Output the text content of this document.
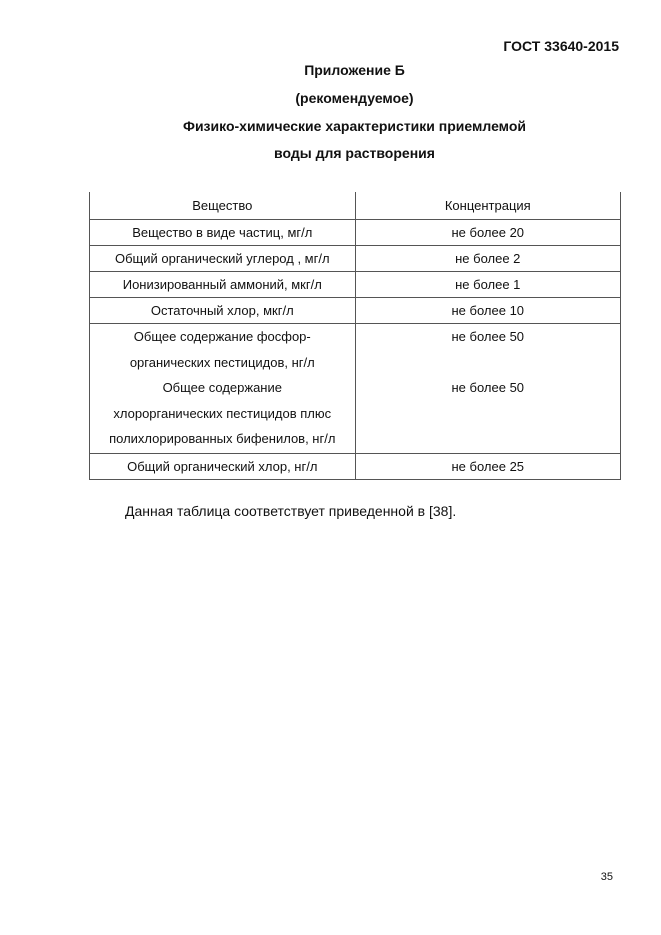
ГОСТ 33640-2015
Приложение Б
(рекомендуемое)
Физико-химические характеристики приемлемой
воды для растворения
Вещество	Концентрация
Вещество в виде частиц, мг/л	не более 20
Общий органический углерод , мг/л	не более 2
Ионизированный аммоний, мкг/л	не более 1
Остаточный хлор, мкг/л	не более 10

Общее содержание фосфор-
органических пестицидов, нг/л	не более 50

Общее содержание
хлорорганических пестицидов плюс
полихлорированных бифенилов, нг/л	не более 50
Общий органический хлор, нг/л	не более 25
Данная таблица соответствует приведенной в [38].
35
